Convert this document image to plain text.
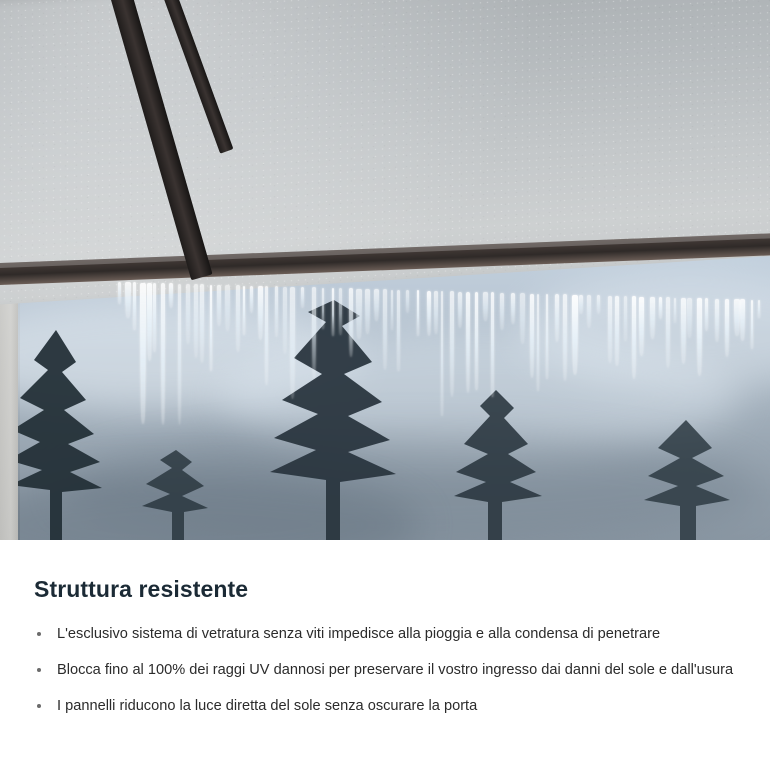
Struttura resistente
L'esclusivo sistema di vetratura senza viti impedisce alla pioggia e alla condensa di penetrare
Blocca fino al 100% dei raggi UV dannosi per preservare il vostro ingresso dai danni del sole e dall'usura
I pannelli riducono la luce diretta del sole senza oscurare la porta
